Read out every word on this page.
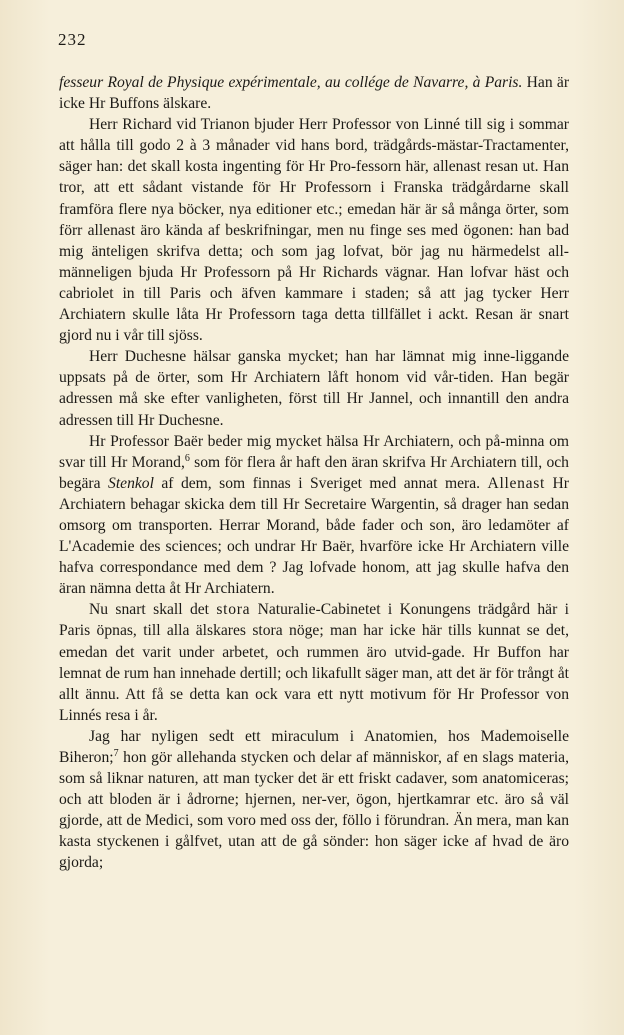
232

fesseur Royal de Physique expérimentale, au collége de Navarre, à Paris. Han är icke Hr Buffons älskare.

Herr Richard vid Trianon bjuder Herr Professor von Linné till sig i sommar att hålla till godo 2 à 3 månader vid hans bord, trädgårds-mästar-Tractamenter, säger han: det skall kosta ingenting för Hr Pro-fessorn här, allenast resan ut. Han tror, att ett sådant vistande för Hr Professorn i Franska trädgårdarne skall framföra flere nya böcker, nya editioner etc.; emedan här är så många örter, som förr allenast äro kända af beskrifningar, men nu finge ses med ögonen: han bad mig änteligen skrifva detta; och som jag lofvat, bör jag nu härmedelst all-männeligen bjuda Hr Professorn på Hr Richards vägnar. Han lofvar häst och cabriolet in till Paris och äfven kammare i staden; så att jag tycker Herr Archiatern skulle låta Hr Professorn taga detta tillfället i ackt. Resan är snart gjord nu i vår till sjöss.

Herr Duchesne hälsar ganska mycket; han har lämnat mig inne-liggande uppsats på de örter, som Hr Archiatern låft honom vid vår-tiden. Han begär adressen må ske efter vanligheten, först till Hr Jannel, och innantill den andra adressen till Hr Duchesne.

Hr Professor Baër beder mig mycket hälsa Hr Archiatern, och på-minna om svar till Hr Morand,$^6$ som för flera år haft den äran skrifva Hr Archiatern till, och begära Stenkol af dem, som finnas i Sveriget med annat mera. Allenast Hr Archiatern behagar skicka dem till Hr Secretaire Wargentin, så drager han sedan omsorg om transporten. Herrar Morand, både fader och son, äro ledamöter af L'Academie des sciences; och undrar Hr Baër, hvarföre icke Hr Archiatern ville hafva correspondance med dem ? Jag lofvade honom, att jag skulle hafva den äran nämna detta åt Hr Archiatern.

Nu snart skall det stora Naturalie-Cabinetet i Konungens trädgård här i Paris öpnas, till alla älskares stora nöge; man har icke här tills kunnat se det, emedan det varit under arbetet, och rummen äro utvid-gade. Hr Buffon har lemnat de rum han innehade dertill; och likafullt säger man, att det är för trångt åt allt ännu. Att få se detta kan ock vara ett nytt motivum för Hr Professor von Linnés resa i år.

Jag har nyligen sedt ett miraculum i Anatomien, hos Mademoiselle Biheron;$^7$ hon gör allehanda stycken och delar af människor, af en slags materia, som så liknar naturen, att man tycker det är ett friskt cadaver, som anatomiceras; och att bloden är i ådrorne; hjernen, ner-ver, ögon, hjertkamrar etc. äro så väl gjorde, att de Medici, som voro med oss der, föllo i förundran. Än mera, man kan kasta styckenen i gålfvet, utan att de gå sönder: hon säger icke af hvad de äro gjorda;
